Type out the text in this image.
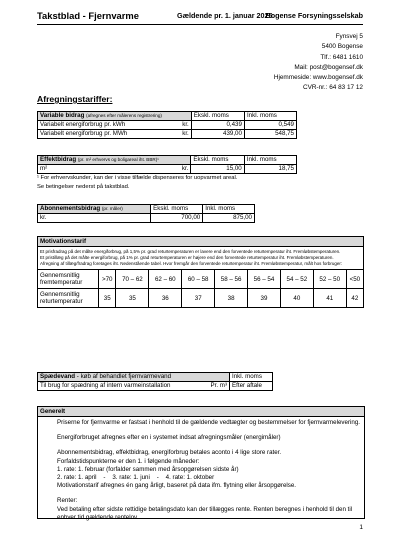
Takstblad - Fjernvarme	Gældende pr. 1. januar 2025
Bogense Forsyningsselskab
Fynsvej 5
5400 Bogense
Tlf.: 6481 1610
Mail: post@bogensef.dk
Hjemmeside: www.bogensef.dk
CVR-nr.: 64 83 17 12
Afregningstariffer:
Variable bidrag (afregnes efter målerens registrering)		Ekskl. moms	Inkl. moms
Variabelt energiforbrug pr. kWh	kr.	0,439	0,549
Variabelt energiforbrug pr. MWh	kr.	439,00	548,75
Effektbidrag (pr. m² erhvervs og boligareal iht. BBR)¹		Ekskl. moms	Inkl. moms
m²	kr.	15,00	18,75
¹ For erhvervskunder, kan der i visse tilfælde dispenseres for uopvarmet areal.
Se betingelser nederst på takstblad.
Abonnementsbidrag (pr. måler)	Ekskl. moms	Inkl. moms
kr.	700,00	875,00
Motivationstarif
Et prisfradrag på det målte energiforbrug, på 1,5% pr. grad returtemperaturen er lavere end den forventede returtemperatur iht. Fremløbstemperaturen.
Et pristillæg på det målte energiforbrug, på 1% pr. grad returtemperaturen er højere end den forventede returtemperatur iht. Fremløbstemperaturen.
Afregning af tillæg/fradrag foretages iht. Nedenstående tabel. Hvor fremgår den forventede returtemperatur iht. Fremløbstemperatur, målt hos forbruger:
Gennemsnitlig fremtemperatur	>70	70 – 62	62 – 60	60 – 58	58 – 56	56 – 54	54 – 52	52 – 50	<50
Gennemsnitlig returtemperatur	35	35	36	37	38	39	40	41	42
Spædevand - køb af behandlet fjernvarmevand		Inkl. moms
Til brug for spædning af intern varmeinstallation	Pr. m³	Efter aftale
Generelt

Priserne for fjernvarme er fastsat i henhold til de gældende vedtægter og bestemmelser for fjernvarmelevering.

Energiforbruget afregnes efter en i systemet indsat afregningsmåler (energimåler)

Abonnementsbidrag, effektbidrag, energiforbrug betales aconto i 4 lige store rater.

Forfaldstidspunkterne er den 1. i følgende måneder:

1. rate: 1. februar (forfalder sammen med årsopgørelsen sidste år)

2. rate: 1. april    -    3. rate: 1. juni    -    4. rate: 1. oktober

Motivationstarif afregnes én gang årligt, baseret på data ifm. flytning eller årsopgørelse.

Renter:

Ved betaling efter sidste rettidige betalingsdato kan der tillægges rente. Renten beregnes i henhold til den til enhver tid gældende rentelov.

1
